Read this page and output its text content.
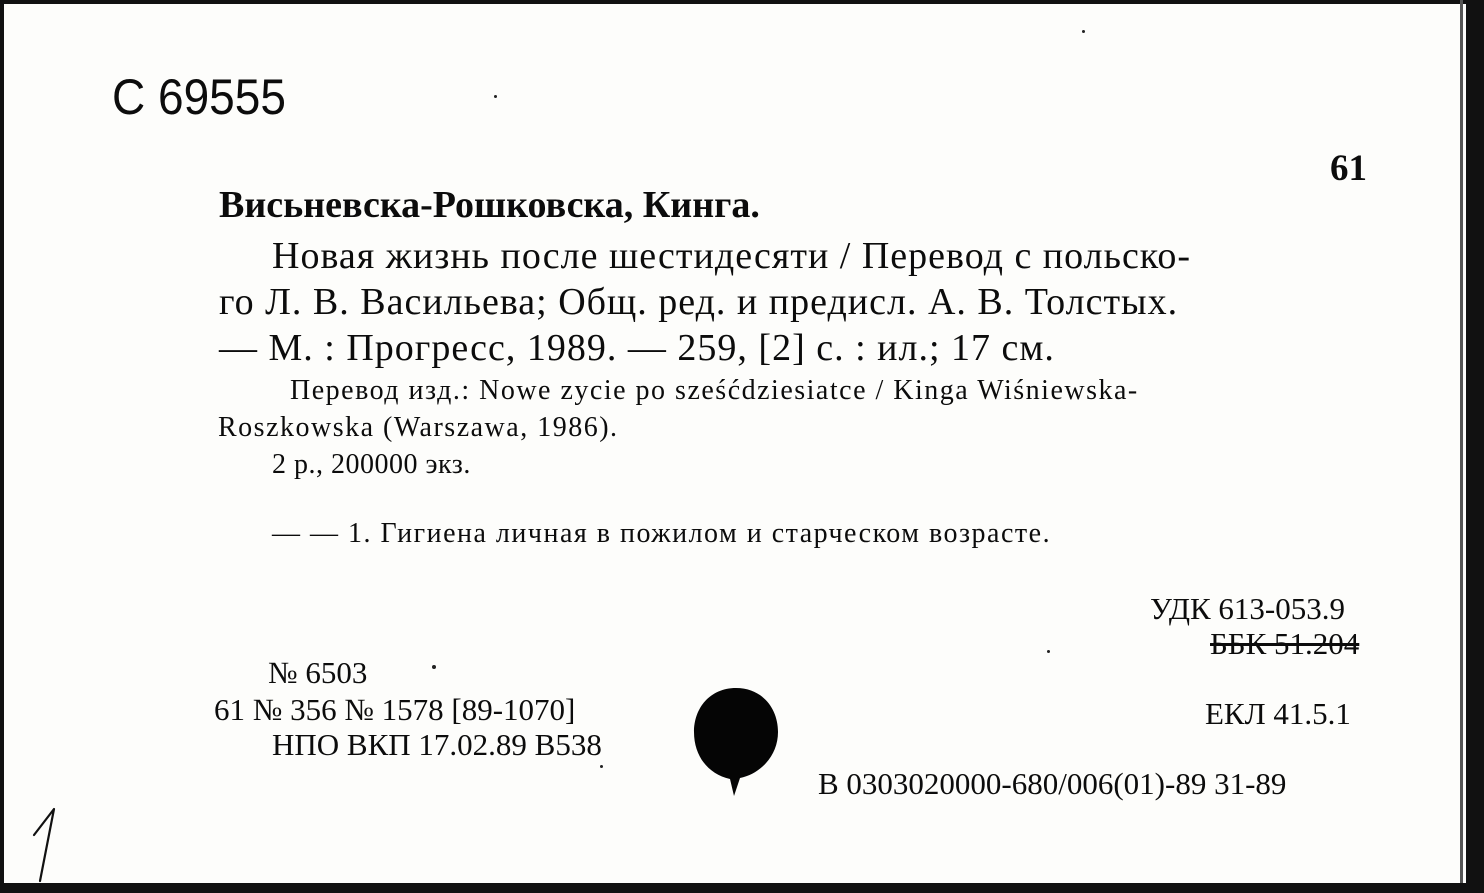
С 69555
61
Висьневска-Рошковска, Кинга.
Новая жизнь после шестидесяти / Перевод с польско-
го Л. В. Васильева; Общ. ред. и предисл. А. В. Толстых.
— М. : Прогресс, 1989. — 259, [2] с. : ил.; 17 см.
Перевод изд.: Nowe zycie po sześćdziesiatce / Kinga Wiśniewska-
Roszkowska (Warszawa, 1986).
2 р., 200000 экз.
— — 1. Гигиена личная в пожилом и старческом возрасте.
УДК 613-053.9
ББК 51.204
ЕКЛ 41.5.1
В 0303020000-680/006(01)-89 31-89
№ 6503
61 № 356 № 1578 [89-1070]
НПО ВКП 17.02.89 В538
